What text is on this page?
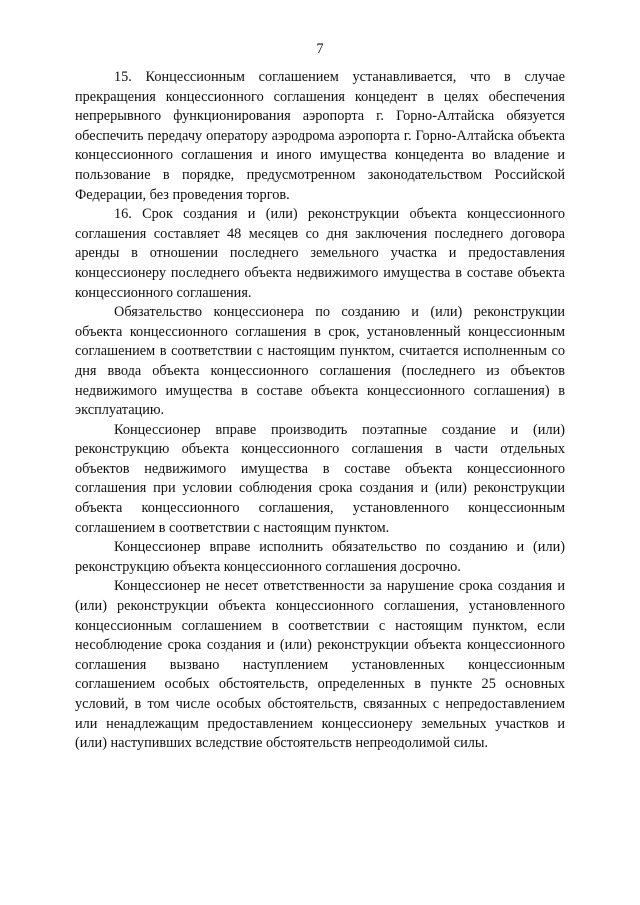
7

15. Концессионным соглашением устанавливается, что в случае прекращения концессионного соглашения концедент в целях обеспечения непрерывного функционирования аэропорта г. Горно-Алтайска обязуется обеспечить передачу оператору аэродрома аэропорта г. Горно-Алтайска объекта концессионного соглашения и иного имущества концедента во владение и пользование в порядке, предусмотренном законодательством Российской Федерации, без проведения торгов.

16. Срок создания и (или) реконструкции объекта концессионного соглашения составляет 48 месяцев со дня заключения последнего договора аренды в отношении последнего земельного участка и предоставления концессионеру последнего объекта недвижимого имущества в составе объекта концессионного соглашения.

Обязательство концессионера по созданию и (или) реконструкции объекта концессионного соглашения в срок, установленный концессионным соглашением в соответствии с настоящим пунктом, считается исполненным со дня ввода объекта концессионного соглашения (последнего из объектов недвижимого имущества в составе объекта концессионного соглашения) в эксплуатацию.

Концессионер вправе производить поэтапные создание и (или) реконструкцию объекта концессионного соглашения в части отдельных объектов недвижимого имущества в составе объекта концессионного соглашения при условии соблюдения срока создания и (или) реконструкции объекта концессионного соглашения, установленного концессионным соглашением в соответствии с настоящим пунктом.

Концессионер вправе исполнить обязательство по созданию и (или) реконструкцию объекта концессионного соглашения досрочно.

Концессионер не несет ответственности за нарушение срока создания и (или) реконструкции объекта концессионного соглашения, установленного концессионным соглашением в соответствии с настоящим пунктом, если несоблюдение срока создания и (или) реконструкции объекта концессионного соглашения вызвано наступлением установленных концессионным соглашением особых обстоятельств, определенных в пункте 25 основных условий, в том числе особых обстоятельств, связанных с непредоставлением или ненадлежащим предоставлением концессионеру земельных участков и (или) наступивших вследствие обстоятельств непреодолимой силы.
